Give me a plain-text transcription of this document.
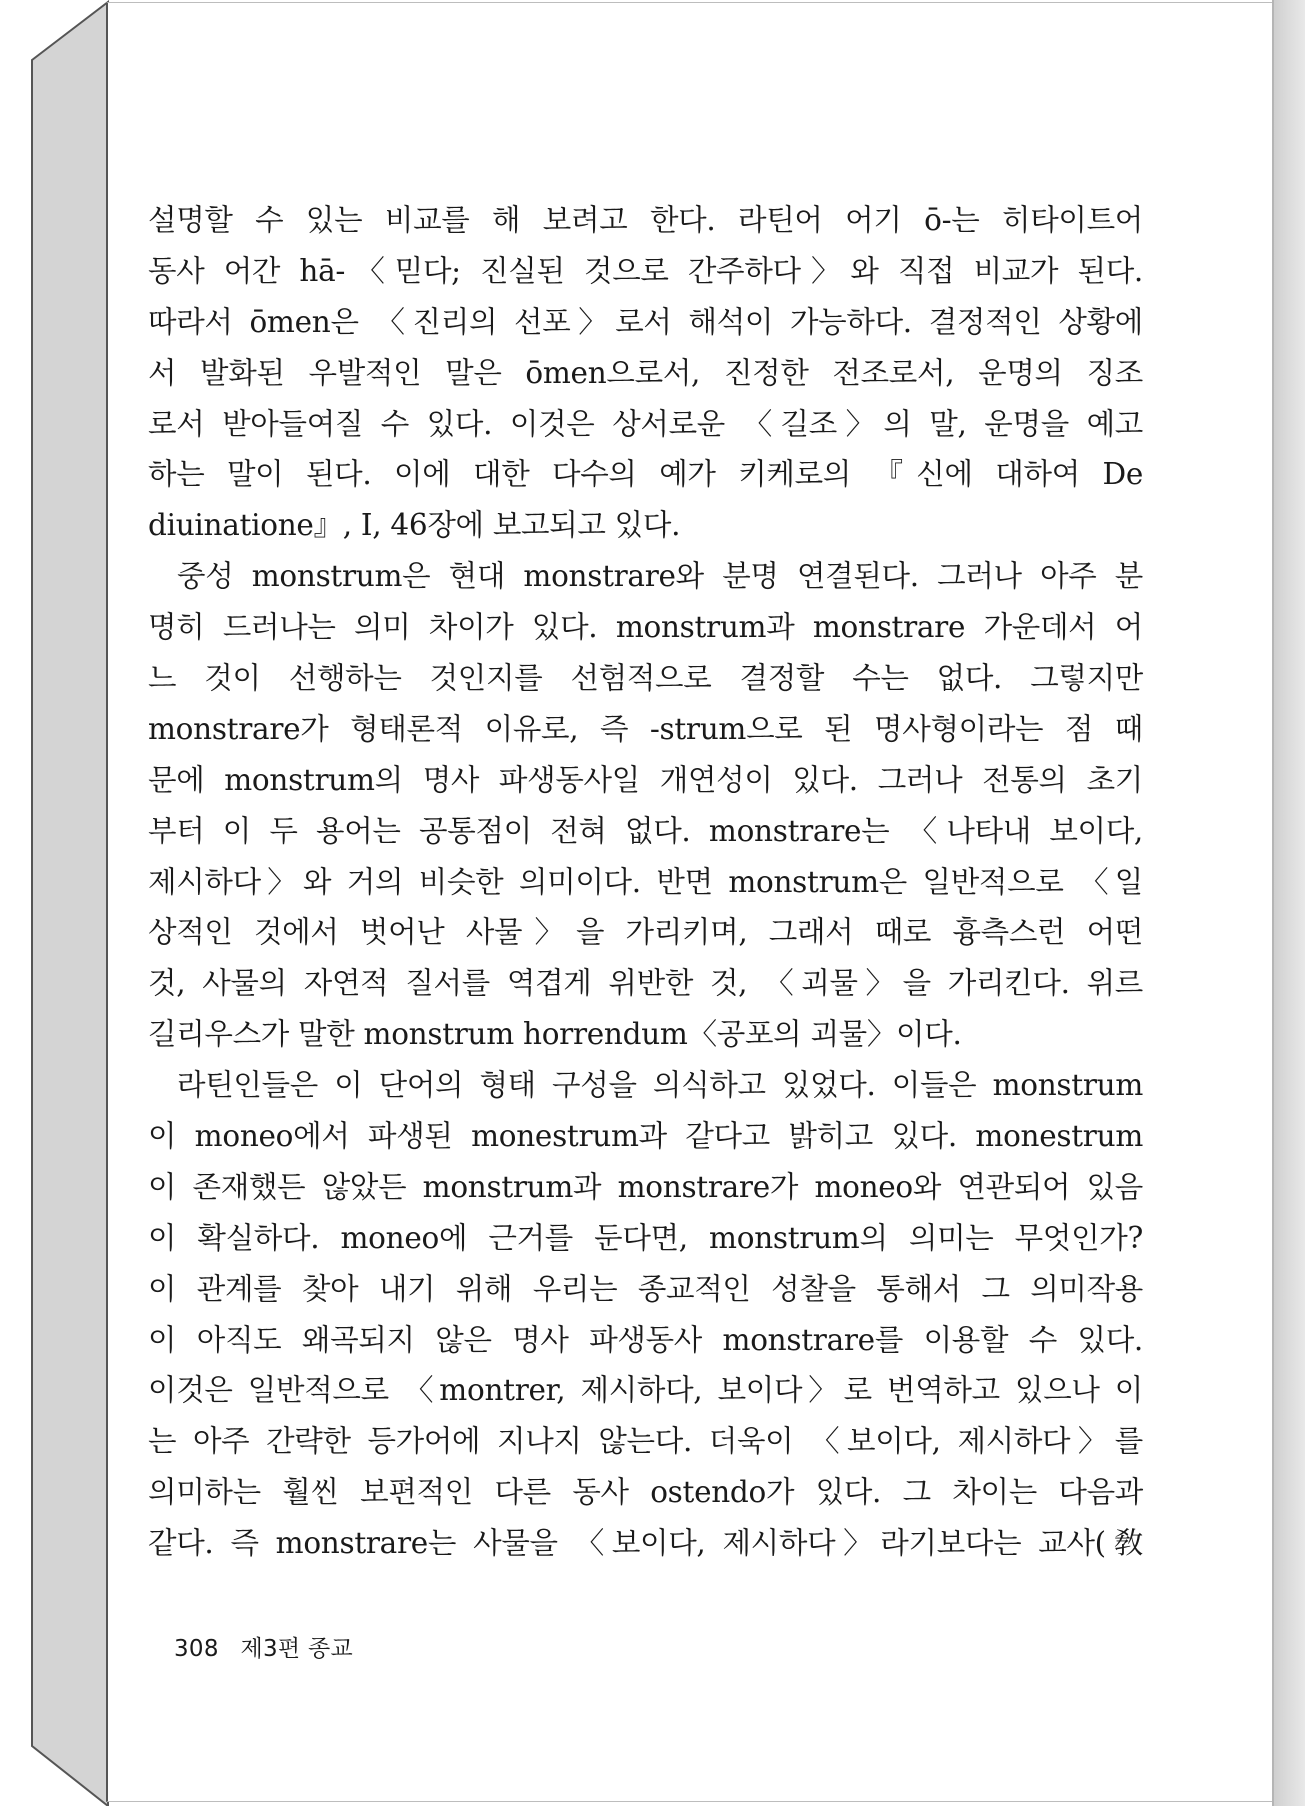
설명할 수 있는 비교를 해 보려고 한다. 라틴어 어기 ō-는 히타이트어
동사 어간 hā-〈믿다; 진실된 것으로 간주하다〉와 직접 비교가 된다.
따라서 ōmen은 〈진리의 선포〉로서 해석이 가능하다. 결정적인 상황에
서 발화된 우발적인 말은 ōmen으로서, 진정한 전조로서, 운명의 징조
로서 받아들여질 수 있다. 이것은 상서로운 〈길조〉의 말, 운명을 예고
하는 말이 된다. 이에 대한 다수의 예가 키케로의 『신에 대하여 De
diuinatione』, I, 46장에 보고되고 있다.
중성 monstrum은 현대 monstrare와 분명 연결된다. 그러나 아주 분
명히 드러나는 의미 차이가 있다. monstrum과 monstrare 가운데서 어
느 것이 선행하는 것인지를 선험적으로 결정할 수는 없다. 그렇지만
monstrare가 형태론적 이유로, 즉 -strum으로 된 명사형이라는 점 때
문에 monstrum의 명사 파생동사일 개연성이 있다. 그러나 전통의 초기
부터 이 두 용어는 공통점이 전혀 없다. monstrare는 〈나타내 보이다,
제시하다〉와 거의 비슷한 의미이다. 반면 monstrum은 일반적으로 〈일
상적인 것에서 벗어난 사물〉을 가리키며, 그래서 때로 흉측스런 어떤
것, 사물의 자연적 질서를 역겹게 위반한 것, 〈괴물〉을 가리킨다. 위르
길리우스가 말한 monstrum horrendum〈공포의 괴물〉이다.
라틴인들은 이 단어의 형태 구성을 의식하고 있었다. 이들은 monstrum
이 moneo에서 파생된 monestrum과 같다고 밝히고 있다. monestrum
이 존재했든 않았든 monstrum과 monstrare가 moneo와 연관되어 있음
이 확실하다. moneo에 근거를 둔다면, monstrum의 의미는 무엇인가?
이 관계를 찾아 내기 위해 우리는 종교적인 성찰을 통해서 그 의미작용
이 아직도 왜곡되지 않은 명사 파생동사 monstrare를 이용할 수 있다.
이것은 일반적으로 〈montrer, 제시하다, 보이다〉로 번역하고 있으나 이
는 아주 간략한 등가어에 지나지 않는다. 더욱이 〈보이다, 제시하다〉를
의미하는 훨씬 보편적인 다른 동사 ostendo가 있다. 그 차이는 다음과
같다. 즉 monstrare는 사물을 〈보이다, 제시하다〉라기보다는 교사(敎
308 제3편 종교
